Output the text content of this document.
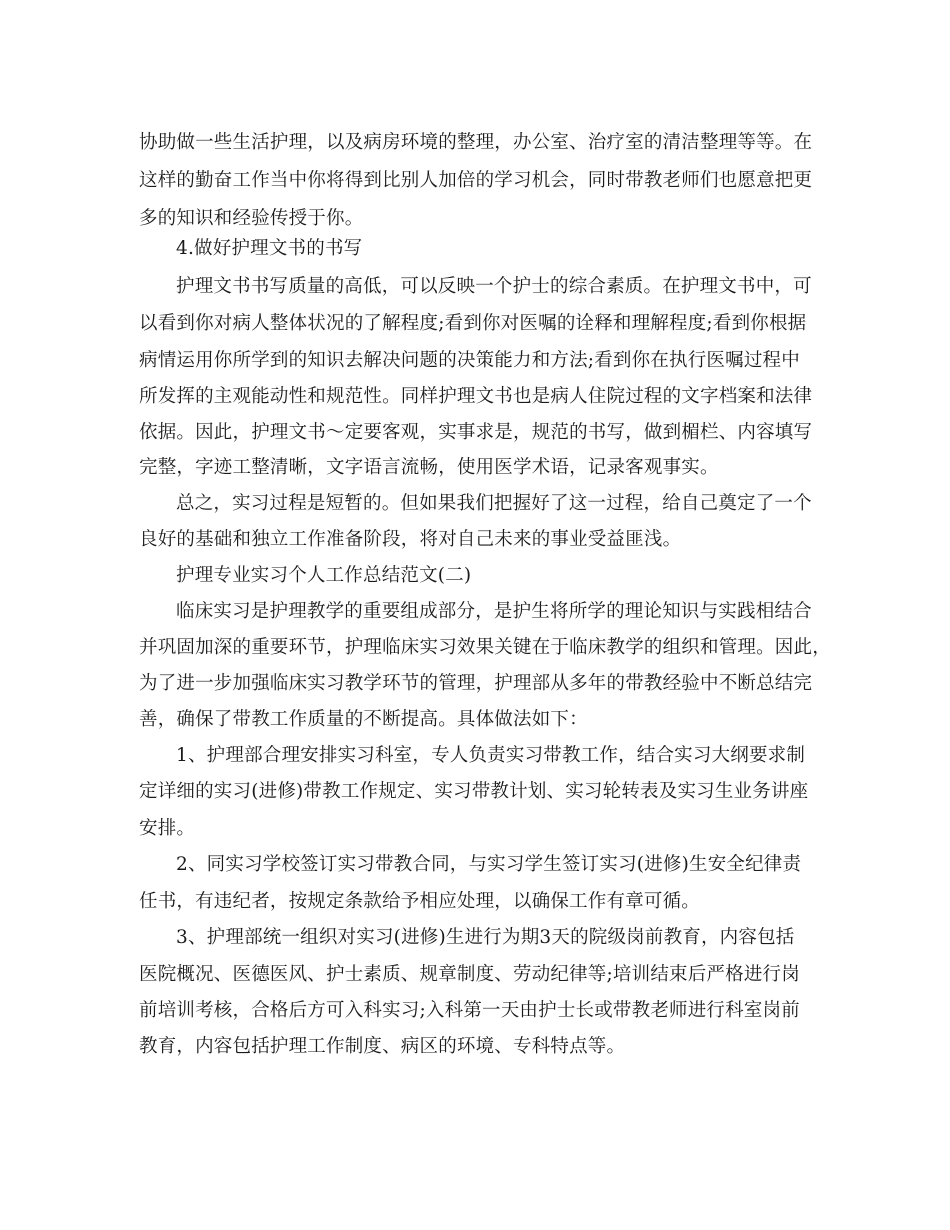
协助做一些生活护理，以及病房环境的整理，办公室、治疗室的清洁整理等等。在
这样的勤奋工作当中你将得到比别人加倍的学习机会，同时带教老师们也愿意把更
多的知识和经验传授于你。
4.做好护理文书的书写
护理文书书写质量的高低，可以反映一个护士的综合素质。在护理文书中，可
以看到你对病人整体状况的了解程度;看到你对医嘱的诠释和理解程度;看到你根据
病情运用你所学到的知识去解决问题的决策能力和方法;看到你在执行医嘱过程中
所发挥的主观能动性和规范性。同样护理文书也是病人住院过程的文字档案和法律
依据。因此，护理文书～定要客观，实事求是，规范的书写，做到楣栏、内容填写
完整，字迹工整清晰，文字语言流畅，使用医学术语，记录客观事实。
总之，实习过程是短暂的。但如果我们把握好了这一过程，给自己奠定了一个
良好的基础和独立工作准备阶段，将对自己未来的事业受益匪浅。
护理专业实习个人工作总结范文(二)
临床实习是护理教学的重要组成部分，是护生将所学的理论知识与实践相结合
并巩固加深的重要环节，护理临床实习效果关键在于临床教学的组织和管理。因此，
为了进一步加强临床实习教学环节的管理，护理部从多年的带教经验中不断总结完
善，确保了带教工作质量的不断提高。具体做法如下：
1、护理部合理安排实习科室，专人负责实习带教工作，结合实习大纲要求制
定详细的实习(进修)带教工作规定、实习带教计划、实习轮转表及实习生业务讲座
安排。
2、同实习学校签订实习带教合同，与实习学生签订实习(进修)生安全纪律责
任书，有违纪者，按规定条款给予相应处理，以确保工作有章可循。
3、护理部统一组织对实习(进修)生进行为期3天的院级岗前教育，内容包括
医院概况、医德医风、护士素质、规章制度、劳动纪律等;培训结束后严格进行岗
前培训考核，合格后方可入科实习;入科第一天由护士长或带教老师进行科室岗前
教育，内容包括护理工作制度、病区的环境、专科特点等。
